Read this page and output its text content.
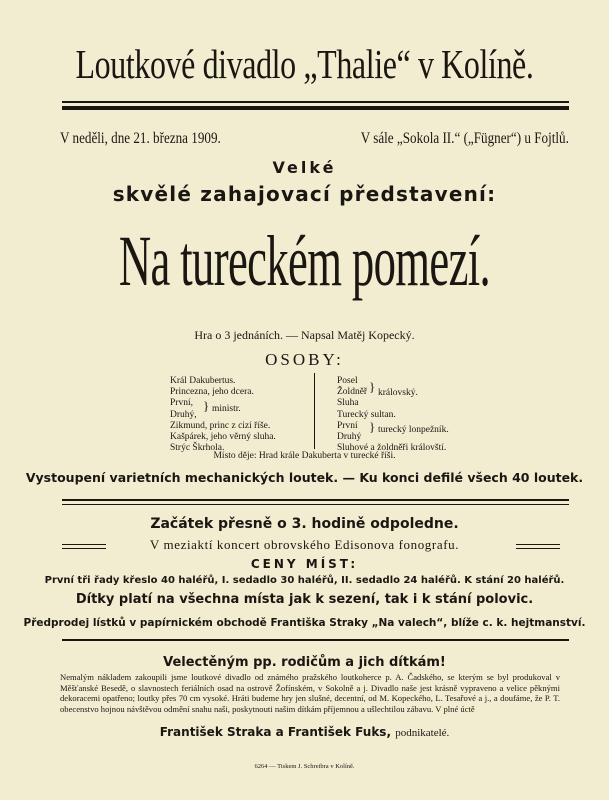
Loutkové divadlo „Thalie“ v Kolíně.
V neděli, dne 21. března 1909.	V sále „Sokola II.“ („Fügner“) u Fojtlů.
Velké
skvělé zahajovací představení:
Na tureckém pomezí.
Hra o 3 jednáních. — Napsal Matěj Kopecký.
OSOBY:
Král Dakubertus.
Princezna, jeho dcera.
První,
Druhý,
Zikmund, princ z cizí říše.
Kašpárek, jeho věrný sluha.
Strýc Škrhola.
} ministr.
Posel
Žoldněř
Sluha
Turecký sultan.
První
Druhý
Sluhové a žoldněři královští.
} královský.
} turecký lonpežník.
Místo děje: Hrad krále Dakuberta v turecké říši.
Vystoupení varietních mechanických loutek. — Ku konci defilé všech 40 loutek.
Začátek přesně o 3. hodině odpoledne.
V meziaktí koncert obrovského Edisonova fonografu.
CENY MÍST:
První tři řady křeslo 40 haléřů, I. sedadlo 30 haléřů, II. sedadlo 24 haléřů. K stání 20 haléřů.
Dítky platí na všechna místa jak k sezení, tak i k stání polovic.
Předprodej lístků v papírnickém obchodě Františka Straky „Na valech“, blíže c. k. hejtmanství.
Velectěným pp. rodičům a jich dítkám!
Nemalým nákladem zakoupili jsme loutkové divadlo od známého pražského loutkoherce p. A. Čadského, se kterým se byl produkoval v Měšťanské Besedě, o slavnostech feriálních osad na ostrově Žofínském, v Sokolně a j. Divadlo naše jest krásně vypraveno a velice pěknými dekoracemi opatřeno; loutky přes 70 cm vysoké. Hráti budeme hry jen slušné, decentní, od M. Kopeckého, L. Tesařové a j., a doufáme, že P. T. obecenstvo hojnou návštěvou odmění snahu naši, poskytnouti našim dítkám příjemnou a ušlechtilou zábavu. V plné úctě
František Straka a František Fuks, podnikatelé.
6264 — Tiskem J. Schreibra v Kolíně.
